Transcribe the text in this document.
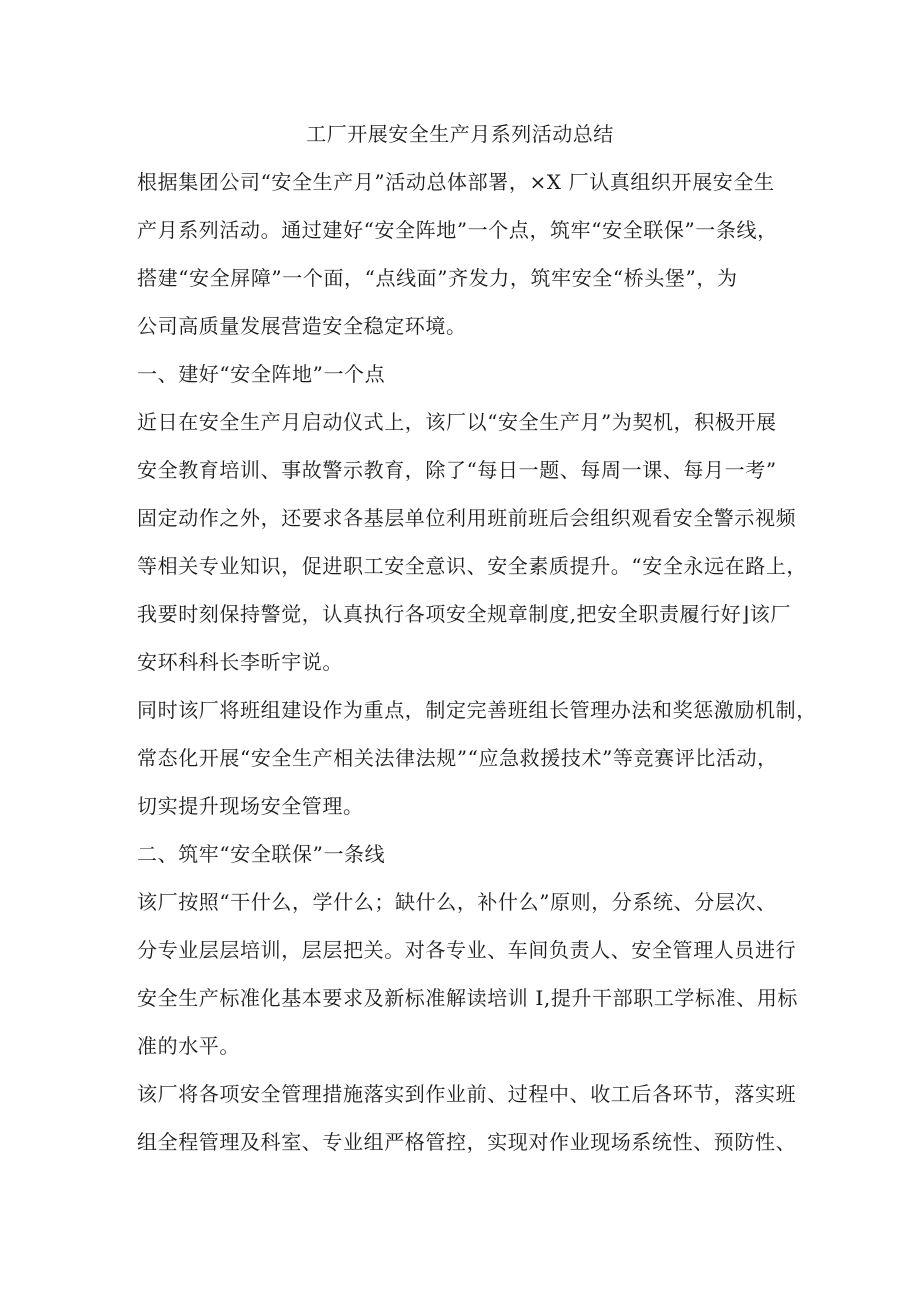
工厂开展安全生产月系列活动总结
根据集团公司“安全生产月”活动总体部署，×X 厂认真组织开展安全生
产月系列活动。通过建好“安全阵地”一个点，筑牢“安全联保”一条线，
搭建“安全屏障”一个面，“点线面”齐发力，筑牢安全“桥头堡”，为
公司高质量发展营造安全稳定环境。
一、建好“安全阵地”一个点
近日在安全生产月启动仪式上，该厂以“安全生产月”为契机，积极开展
安全教育培训、事故警示教育，除了“每日一题、每周一课、每月一考”
固定动作之外，还要求各基层单位利用班前班后会组织观看安全警示视频
等相关专业知识，促进职工安全意识、安全素质提升。“安全永远在路上，
我要时刻保持警觉，认真执行各项安全规章制度,把安全职责履行好⌋该厂
安环科科长李昕宇说。
同时该厂将班组建设作为重点，制定完善班组长管理办法和奖惩激励机制，
常态化开展“安全生产相关法律法规”“应急救援技术”等竞赛评比活动，
切实提升现场安全管理。
二、筑牢“安全联保”一条线
该厂按照“干什么，学什么；缺什么，补什么”原则，分系统、分层次、
分专业层层培训，层层把关。对各专业、车间负责人、安全管理人员进行
安全生产标准化基本要求及新标准解读培训 I,提升干部职工学标准、用标
准的水平。
该厂将各项安全管理措施落实到作业前、过程中、收工后各环节，落实班
组全程管理及科室、专业组严格管控，实现对作业现场系统性、预防性、
